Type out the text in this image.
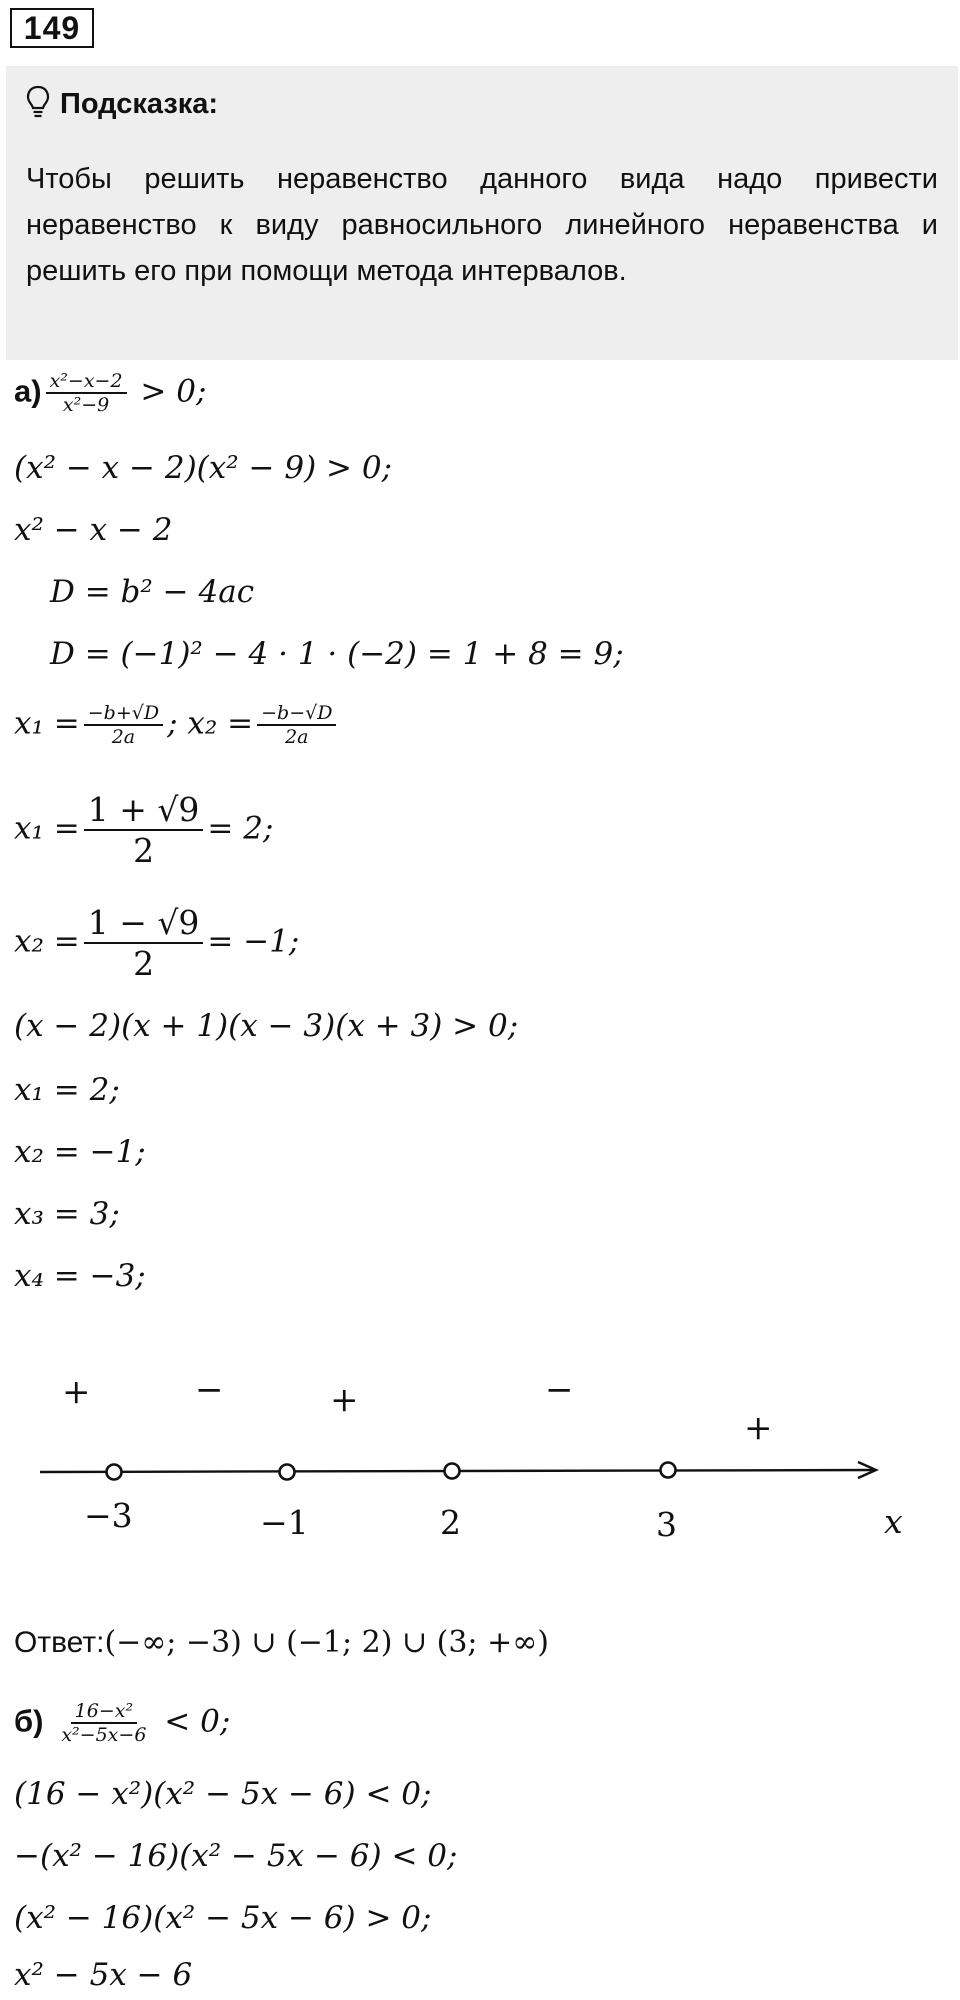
149
Подсказка:
Чтобы решить неравенство данного вида надо привести неравенство к виду равносильного линейного неравенства и решить его при помощи метода интервалов.
$а) \frac{\text{x²−x−2}}{\text{x²−9}} > 0$;
(x² − x − 2)(x² − 9) > 0;
x² − x − 2
D = b² − 4ac
D = (−1)² − 4 · 1 · (−2) = 1 + 8 = 9;
$x_1 = \frac{-b+√D}{2a}$ ; $x_2 = \frac{-b-√D}{2a}$
$x_1 = \frac{1 + √9}{2} = 2$;
$x_2 = \frac{1 - √9}{2} = -1$;
(x − 2)(x + 1)(x − 3)(x + 3) > 0;
x₁ = 2;
x₂ = −1;
x₃ = 3;
x₄ = −3;
+	−	+	−
+
−3	−1	2	3	x
Ответ:(−∞; −3) ∪ (−1; 2) ∪ (3; +∞)
$б) \frac{\text{16−x²}}{\text{x²−5x−6}} < 0$;
(16 − x²)(x² − 5x − 6) < 0;
−(x² − 16)(x² − 5x − 6) < 0;
(x² − 16)(x² − 5x − 6) > 0;
x² − 5x − 6
